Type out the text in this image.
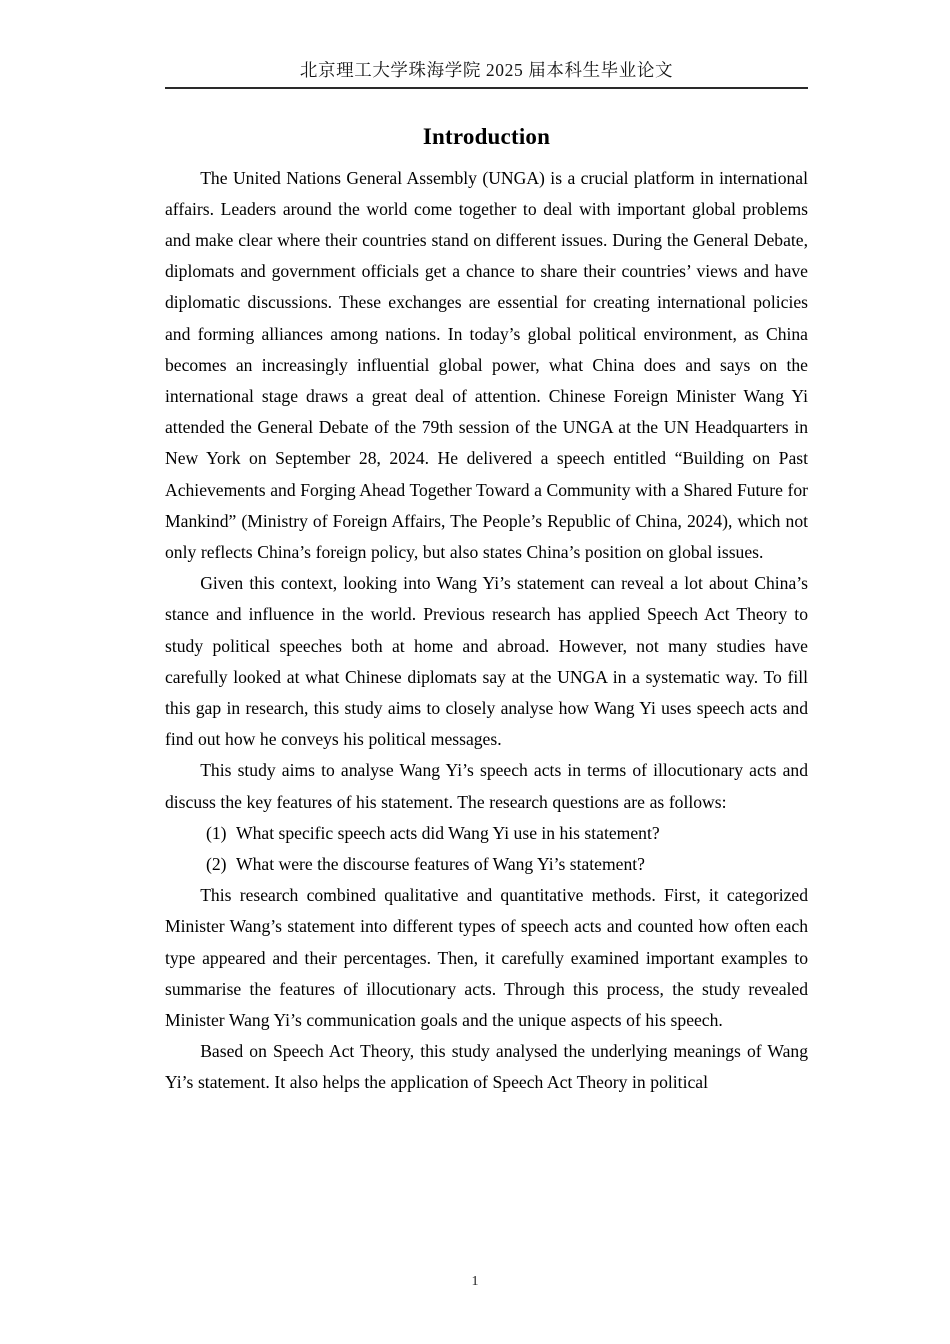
北京理工大学珠海学院 2025 届本科生毕业论文
Introduction

The United Nations General Assembly (UNGA) is a crucial platform in international affairs. Leaders around the world come together to deal with important global problems and make clear where their countries stand on different issues. During the General Debate, diplomats and government officials get a chance to share their countries’ views and have diplomatic discussions. These exchanges are essential for creating international policies and forming alliances among nations. In today’s global political environment, as China becomes an increasingly influential global power, what China does and says on the international stage draws a great deal of attention. Chinese Foreign Minister Wang Yi attended the General Debate of the 79th session of the UNGA at the UN Headquarters in New York on September 28, 2024. He delivered a speech entitled “Building on Past Achievements and Forging Ahead Together Toward a Community with a Shared Future for Mankind” (Ministry of Foreign Affairs, The People’s Republic of China, 2024), which not only reflects China’s foreign policy, but also states China’s position on global issues.

Given this context, looking into Wang Yi’s statement can reveal a lot about China’s stance and influence in the world. Previous research has applied Speech Act Theory to study political speeches both at home and abroad. However, not many studies have carefully looked at what Chinese diplomats say at the UNGA in a systematic way. To fill this gap in research, this study aims to closely analyse how Wang Yi uses speech acts and find out how he conveys his political messages.

This study aims to analyse Wang Yi’s speech acts in terms of illocutionary acts and discuss the key features of his statement. The research questions are as follows:

(1) What specific speech acts did Wang Yi use in his statement?
(2) What were the discourse features of Wang Yi’s statement?

This research combined qualitative and quantitative methods. First, it categorized Minister Wang’s statement into different types of speech acts and counted how often each type appeared and their percentages. Then, it carefully examined important examples to summarise the features of illocutionary acts. Through this process, the study revealed Minister Wang Yi’s communication goals and the unique aspects of his speech.

Based on Speech Act Theory, this study analysed the underlying meanings of Wang Yi’s statement. It also helps the application of Speech Act Theory in political

1
